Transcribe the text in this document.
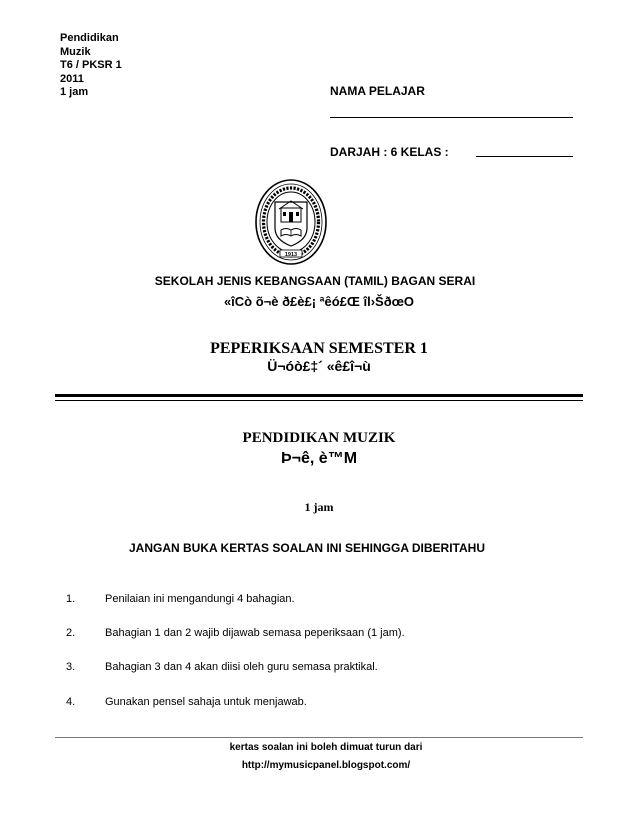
Pendidikan
Muzik
T6 / PKSR 1
2011
1 jam	NAMA PELAJAR
DARJAH : 6 KELAS :
1913
SEKOLAH JENIS KEBANGSAAN (TAMIL) BAGAN SERAI
«îCò õ¬è ð£è£¡ ªêó£Œ îl›ŠðœO
PEPERIKSAAN SEMESTER 1
Ü¬óò£‡´ «ê£î¬ù
PENDIDIKAN MUZIK
Þ¬ê, è™M
1 jam
JANGAN BUKA KERTAS SOALAN INI SEHINGGA DIBERITAHU
1.	Penilaian ini mengandungi 4 bahagian.
2.	Bahagian 1 dan 2 wajib dijawab semasa peperiksaan (1 jam).
3.	Bahagian 3 dan 4 akan diisi oleh guru semasa praktikal.
4.	Gunakan pensel sahaja untuk menjawab.
kertas soalan ini boleh dimuat turun dari
http://mymusicpanel.blogspot.com/
